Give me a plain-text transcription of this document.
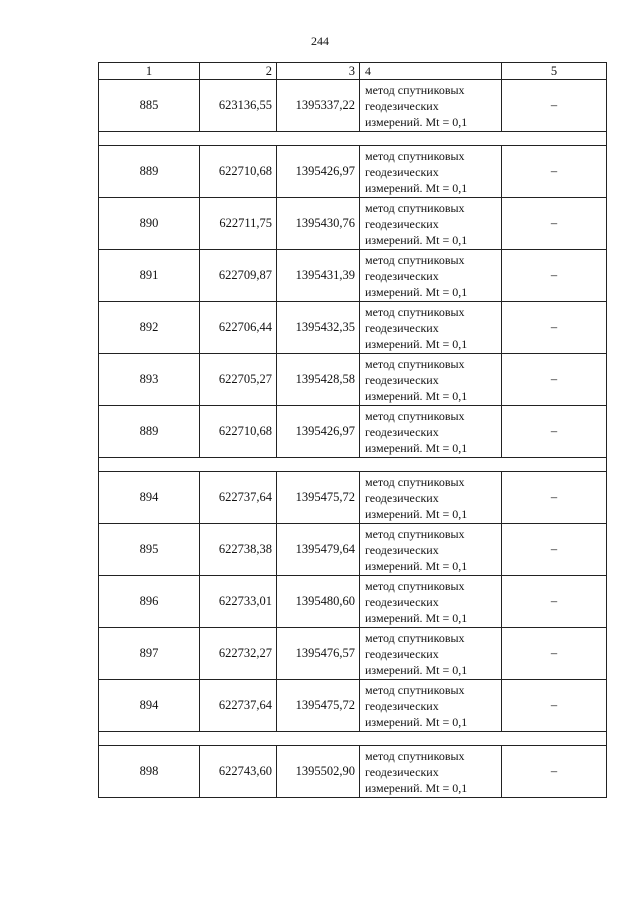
244
1	2	3	4	5
885	623136,55	1395337,22	метод спутниковых
геодезических
измерений. Mt = 0,1	–

889	622710,68	1395426,97	метод спутниковых
геодезических
измерений. Mt = 0,1	–
890	622711,75	1395430,76	метод спутниковых
геодезических
измерений. Mt = 0,1	–
891	622709,87	1395431,39	метод спутниковых
геодезических
измерений. Mt = 0,1	–
892	622706,44	1395432,35	метод спутниковых
геодезических
измерений. Mt = 0,1	–
893	622705,27	1395428,58	метод спутниковых
геодезических
измерений. Mt = 0,1	–
889	622710,68	1395426,97	метод спутниковых
геодезических
измерений. Mt = 0,1	–

894	622737,64	1395475,72	метод спутниковых
геодезических
измерений. Mt = 0,1	–
895	622738,38	1395479,64	метод спутниковых
геодезических
измерений. Mt = 0,1	–
896	622733,01	1395480,60	метод спутниковых
геодезических
измерений. Mt = 0,1	–
897	622732,27	1395476,57	метод спутниковых
геодезических
измерений. Mt = 0,1	–
894	622737,64	1395475,72	метод спутниковых
геодезических
измерений. Mt = 0,1	–

898	622743,60	1395502,90	метод спутниковых
геодезических
измерений. Mt = 0,1	–
